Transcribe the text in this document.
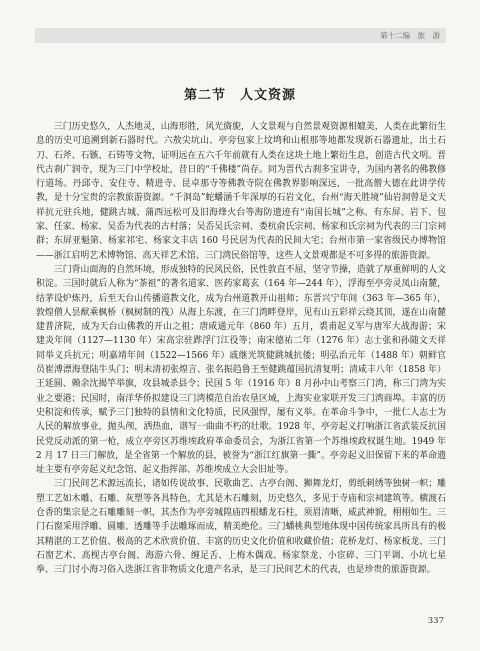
第十二编　旅　游
第二节　人文资源

三门历史悠久，人杰地灵，山海形胜，风光旖旎，人文景观与自然景观资源相媲美，人类在此繁衍生息的历史可追溯到新石器时代。六敖尖坑山、亭旁包家上坟塆和山根那等地都发现新石器遗址，出土石刀、石斧、石镞、石铸等文物，证明远在五六千年前就有人类在这块土地上繁衍生息，创造古代文明。晋代古刹广润寺，现为三门中学校址，昔日的“千佛楼”尚存。同为晋代古刹多宝讲寺，为国内著名的佛教修行道场。丹邱寺、安住寺、精进寺、昆卓那寺等佛教寺院在佛教界影响深远，一批高僧大德在此讲学传教，是十分宝贵的宗教旅游资源。“千洞岛”蛇蟠涵千年深厚的石岩文化，台州“海天胜境”仙岩洞曾是文天祥抗元驻兵地，健跳古城、蒲西远松可及旧海烽火台等海防遗迹有“南国长城”之称。有东屏、岩下、包家、任家、杨家、吴岙为代表的古村落；吴岙吴氏宗祠、娄杭俞氏宗祠、杨家和氏宗祠为代表的三门宗祠群；东屏亚魁第、杨家祁宅、杨家文丰店 160 号民居为代表的民间大宅；台州市第一家省级民办博物馆——浙江启明艺术博物馆、高天祥艺术馆、三门湾民俗馆等，这些人文景观都是不可多得的旅游资源。

三门背山面海的自然环境，形成独特的民风民俗，民性敦直不屈，坚守节操，造就了厚重鲜明的人文积淀。三国时就后人称为“茶祖”的著名道家、医药家葛玄（164 年—244 年），浮海至亭旁灵凤山南麓，结茅设炉炼丹，后至天台山传播道教文化，成为台州道教开山祖师；东晋兴宁年间（363 年—365 年），敦煌僧人昙猷乘枫桥（枫树制的筏）从海上东渡，在三门湾畔登岸，见有山五彩祥云绕其顶，遂在山南麓建普济院，成为天台山佛教的开山之祖；唐咸通元年（860 年）五月，裘甫起义军与唐军大战海游；宋建炎年间（1127—1130 年）宋高宗驻跸浮门江役等；南宋德祐二年（1276 年）志士张和孙随文天祥同举义兵抗元；明嘉靖年间（1522—1566 年）戚继光筑健跳城抗倭；明弘治元年（1488 年）朝鲜官员崔溥漂海登陆牛头门；明末清初张煌言、张名振趋鲁王至健跳蕴国抗清复明；清咸丰八年（1858 年）王延圆、赖余沈揭竿举旗，攻县城杀县令；民国 5 年（1916 年）8 月孙中山考察三门湾，称三门湾为实业之要港；民国时，南洋华侨拟建设三门湾模范自治农垦区域，上海实业家联开发三门湾商埠。丰富的历史积淀和传承，赋予三门独特的县情和文化特质，民风强悍，屡有义举。在革命斗争中，一批仁人志士为人民的解放事业，抛头颅，洒热血，谱写一曲曲不朽的壮歌。1928 年，亭旁起义打响浙江省武装反抗国民党反动派的第一枪，成立亭旁区苏维埃政府革命委员会，为浙江省第一个苏维埃政权诞生地。1949 年 2 月 17 日三门解放，是全省第一个解放的县，被誉为“浙江红旗第一撕”。亭旁起义旧保留下来的革命遗址主要有亭旁起义纪念馆、起义指挥部、苏维埃成立大会旧址等。

三门民间艺术源远流长，诸如传说故事、民歌曲艺、古亭台阁、狮舞龙灯，剪纸刺绣等独树一帜；雕塑工艺如木雕、石雕、灰塑等各具特色，尤其是木石雕刻，历史悠久，多见于寺庙和宗祠建筑等。横渡石仓香的集宗是之石雕雕刻一帜，其杰作为亭旁城隍庙四根蟠龙石柱，须眉清晰，威武神貌，栩栩如生。三门石窗采用浮雕、圆雕、透雕等手法雕琢而成，精美绝伦。三门蟠桃典型地体现中国传统家具所具有的极其精湛的工艺价值、极高的艺术欣赏价值、丰富的历史文化价值和收藏价值；花桥龙灯、杨家板龙、三门石窗艺术、高枧古亭台阁、海游六骨、缠足舌、上梅木偶戏、杨家祭龙、小宦碎、三门平调、小坑七星拳、三门讨小海习俗入选浙江省非物质文化遗产名录，是三门民间艺术的代表，也是珍贵的旅游资源。

337
